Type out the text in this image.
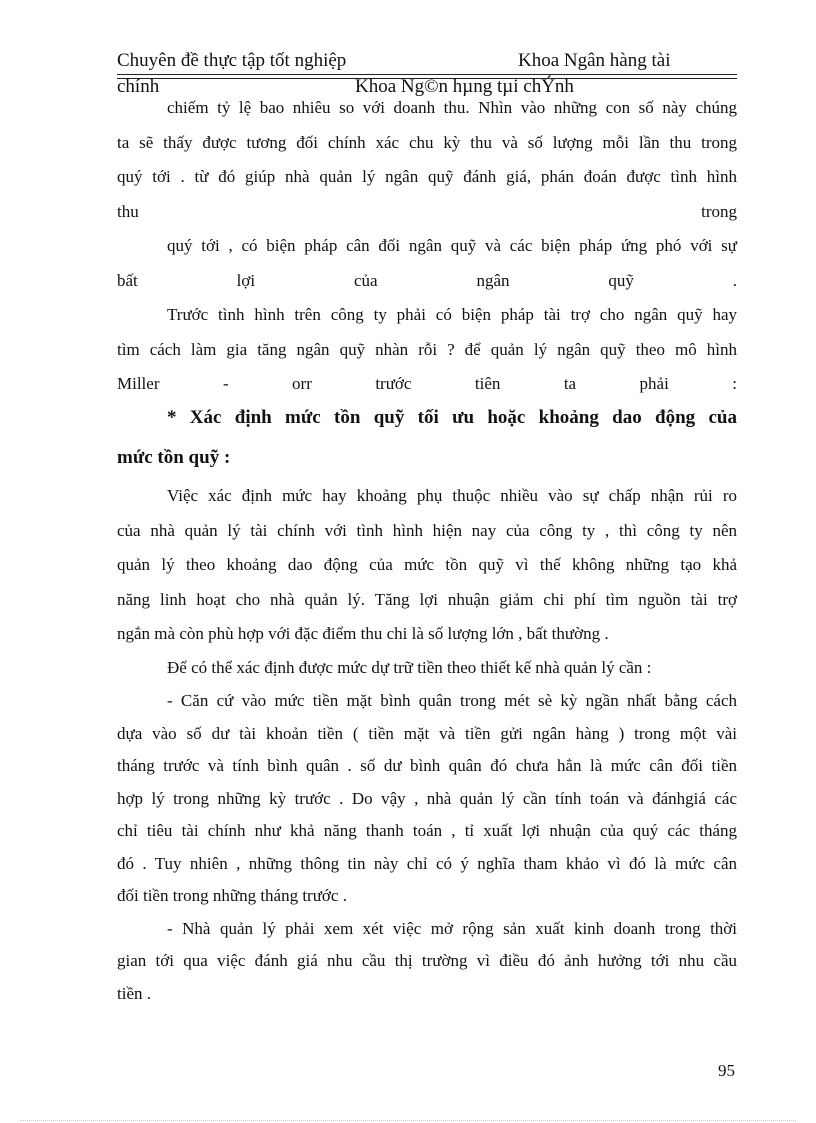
Chuyên đề thực tập tốt nghiệp	Khoa Ngân hàng tài
chính	Khoa Ng©n hµng tµi chÝnh
chiếm tỷ lệ bao nhiêu so với doanh thu. Nhìn vào những con số này chúng
ta sẽ thấy được tương đối chính xác chu kỳ thu và số lượng mỗi lần thu trong
quý tới . từ đó giúp nhà quản lý ngân quỹ đánh giá, phán đoán được tình hình
thu trong
quý tới , có biện pháp cân đối ngân quỹ và các biện pháp ứng phó với sự
bất lợi của ngân quỹ .
Trước tình hình trên công ty phải có biện pháp tài trợ cho ngân quỹ hay
tìm cách làm gia tăng ngân quỹ nhàn rỗi ? để quản lý ngân quỹ theo mô hình
Miller - orr trước tiên ta phải :
* Xác định mức tồn quỹ tối ưu hoặc khoảng dao động của
mức tồn quỹ :
Việc xác định mức hay khoảng phụ thuộc nhiều vào sự chấp nhận rủi ro
của nhà quản lý tài chính với tình hình hiện nay của công ty , thì công ty nên
quản lý theo khoảng dao động của mức tồn quỹ vì thế không những tạo khả
năng linh hoạt cho nhà quản lý. Tăng lợi nhuận giảm chi phí tìm nguồn tài trợ
ngắn mà còn phù hợp với đặc điểm thu chi là số lượng lớn , bất thường .
Để có thể xác định được mức dự trữ tiền theo thiết kế nhà quản lý cần :
- Căn cứ vào mức tiền mặt bình quân trong mét sè kỳ ngần nhất bằng cách
dựa vào số dư tài khoản tiền ( tiền mặt và tiền gửi ngân hàng ) trong một vài
tháng trước và tính bình quân . số dư bình quân đó chưa hẳn là mức cân đối tiền
hợp lý trong những kỳ trước . Do vậy , nhà quản lý cần tính toán và đánhgiá các
chỉ tiêu tài chính như khả năng thanh toán , tỉ xuất lợi nhuận của quý các tháng
đó . Tuy nhiên , những thông tin này chỉ có ý nghĩa tham khảo vì đó là mức cân
đối tiền trong những tháng trước .
- Nhà quản lý phải xem xét việc mở rộng sản xuất kinh doanh trong thời
gian tới qua việc đánh giá nhu cầu thị trường vì điều đó ảnh hưởng tới nhu cầu
tiền .
95
